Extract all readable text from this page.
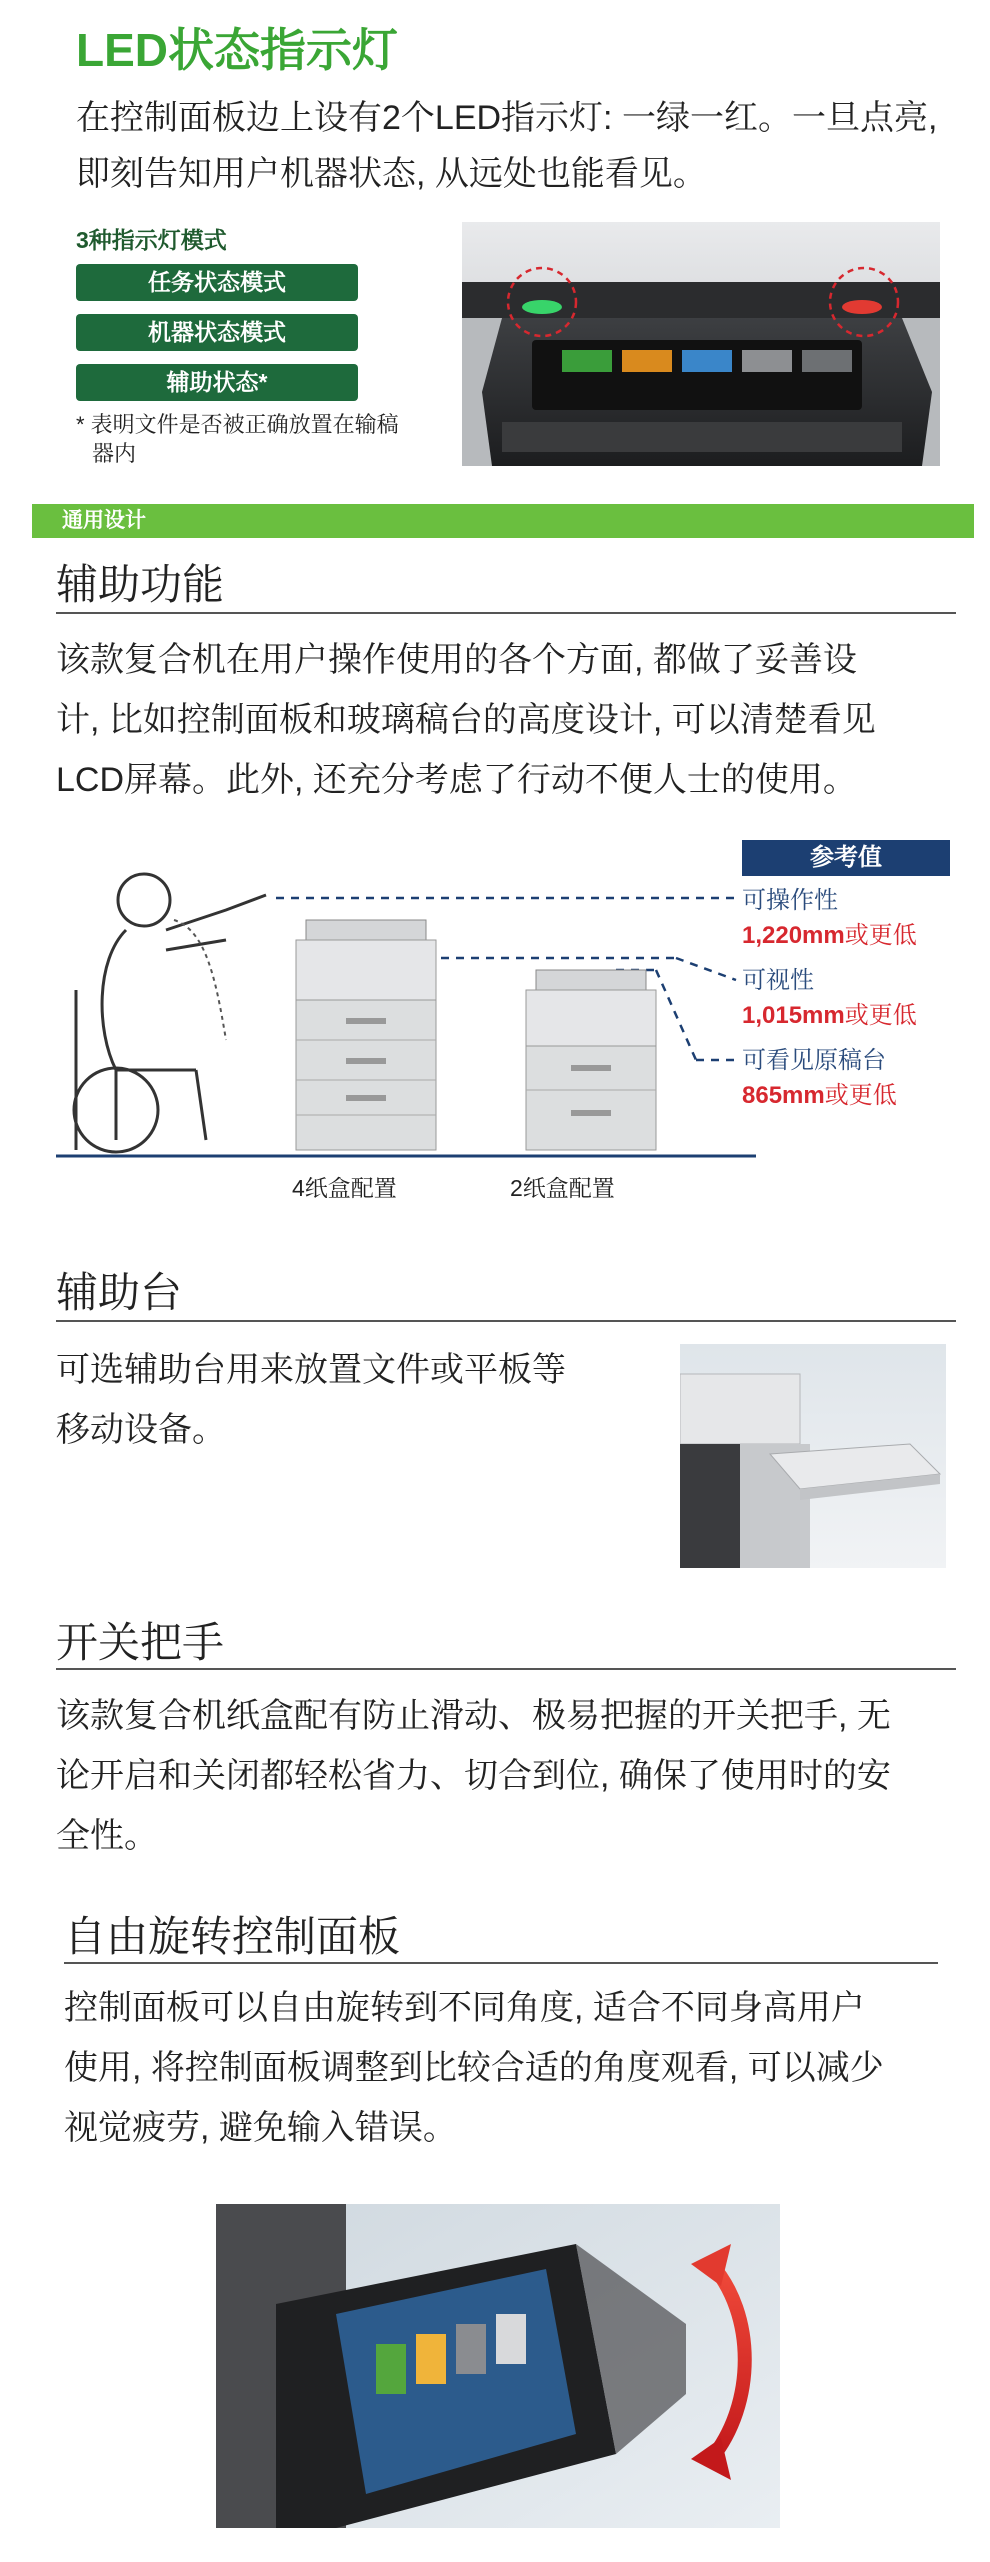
LED状态指示灯
在控制面板边上设有2个LED指示灯: 一绿一红。一旦点亮,
即刻告知用户机器状态, 从远处也能看见。
3种指示灯模式
任务状态模式
机器状态模式
辅助状态*
* 表明文件是否被正确放置在输稿
器内
通用设计
辅助功能
该款复合机在用户操作使用的各个方面, 都做了妥善设
计, 比如控制面板和玻璃稿台的高度设计, 可以清楚看见
LCD屏幕。此外, 还充分考虑了行动不便人士的使用。
参考值
可操作性
1,220mm或更低
可视性
1,015mm或更低
可看见原稿台
865mm或更低
4纸盒配置	2纸盒配置
辅助台
可选辅助台用来放置文件或平板等
移动设备。
开关把手
该款复合机纸盒配有防止滑动、极易把握的开关把手, 无
论开启和关闭都轻松省力、切合到位, 确保了使用时的安
全性。
自由旋转控制面板
控制面板可以自由旋转到不同角度, 适合不同身高用户
使用, 将控制面板调整到比较合适的角度观看, 可以减少
视觉疲劳, 避免输入错误。
